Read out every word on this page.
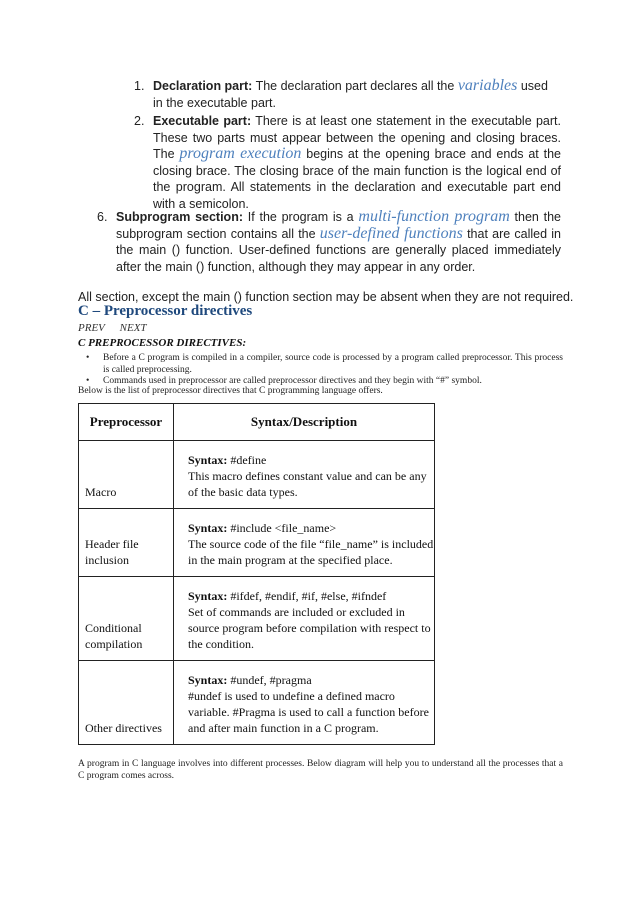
1. Declaration part: The declaration part declares all the variables used in the executable part.
2. Executable part: There is at least one statement in the executable part. These two parts must appear between the opening and closing braces. The program execution begins at the opening brace and ends at the closing brace. The closing brace of the main function is the logical end of the program. All statements in the declaration and executable part end with a semicolon.
6. Subprogram section: If the program is a multi-function program then the subprogram section contains all the user-defined functions that are called in the main () function. User-defined functions are generally placed immediately after the main () function, although they may appear in any order.
All section, except the main () function section may be absent when they are not required.
C – Preprocessor directives
PREV NEXT
C PREPROCESSOR DIRECTIVES:
• Before a C program is compiled in a compiler, source code is processed by a program called preprocessor. This process is called preprocessing.
• Commands used in preprocessor are called preprocessor directives and they begin with “#” symbol.
Below is the list of preprocessor directives that C programming language offers.
Preprocessor	Syntax/Description
Macro	Syntax: #define
This macro defines constant value and can be any of the basic data types.
Header file inclusion	Syntax: #include <file_name>
The source code of the file “file_name” is included in the main program at the specified place.
Conditional compilation	Syntax: #ifdef, #endif, #if, #else, #ifndef
Set of commands are included or excluded in source program before compilation with respect to the condition.
Other directives	Syntax: #undef, #pragma
#undef is used to undefine a defined macro variable. #Pragma is used to call a function before and after main function in a C program.
A program in C language involves into different processes. Below diagram will help you to understand all the processes that a C program comes across.
